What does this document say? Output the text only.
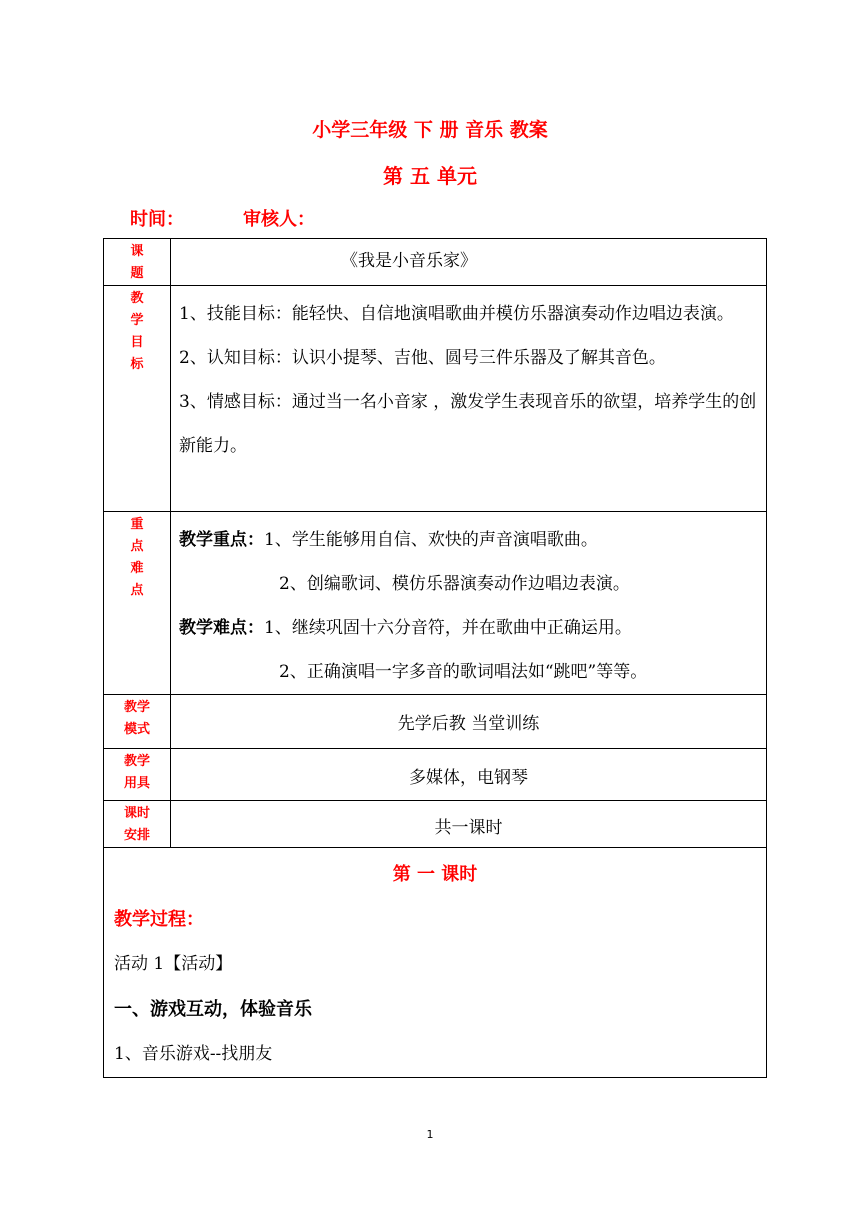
小学三年级 下 册 音乐 教案
第 五 单元
时间：	审核人：
课题	《我是小音乐家》

教学目标	1、技能目标：能轻快、自信地演唱歌曲并模仿乐器演奏动作边唱边表演。
2、认知目标：认识小提琴、吉他、圆号三件乐器及了解其音色。
3、情感目标：通过当一名小音家 ，激发学生表现音乐的欲望，培养学生的创新能力。

重点难点	教学重点：1、学生能够用自信、欢快的声音演唱歌曲。
2、创编歌词、模仿乐器演奏动作边唱边表演。
教学难点：1、继续巩固十六分音符，并在歌曲中正确运用。
2、正确演唱一字多音的歌词唱法如“跳吧”等等。

教学模式	先学后教 当堂训练

教学用具	多媒体，电钢琴

课时安排	共一课时

第 一 课时
教学过程：
活动 1【活动】
一、游戏互动，体验音乐
1、音乐游戏--找朋友	
1
